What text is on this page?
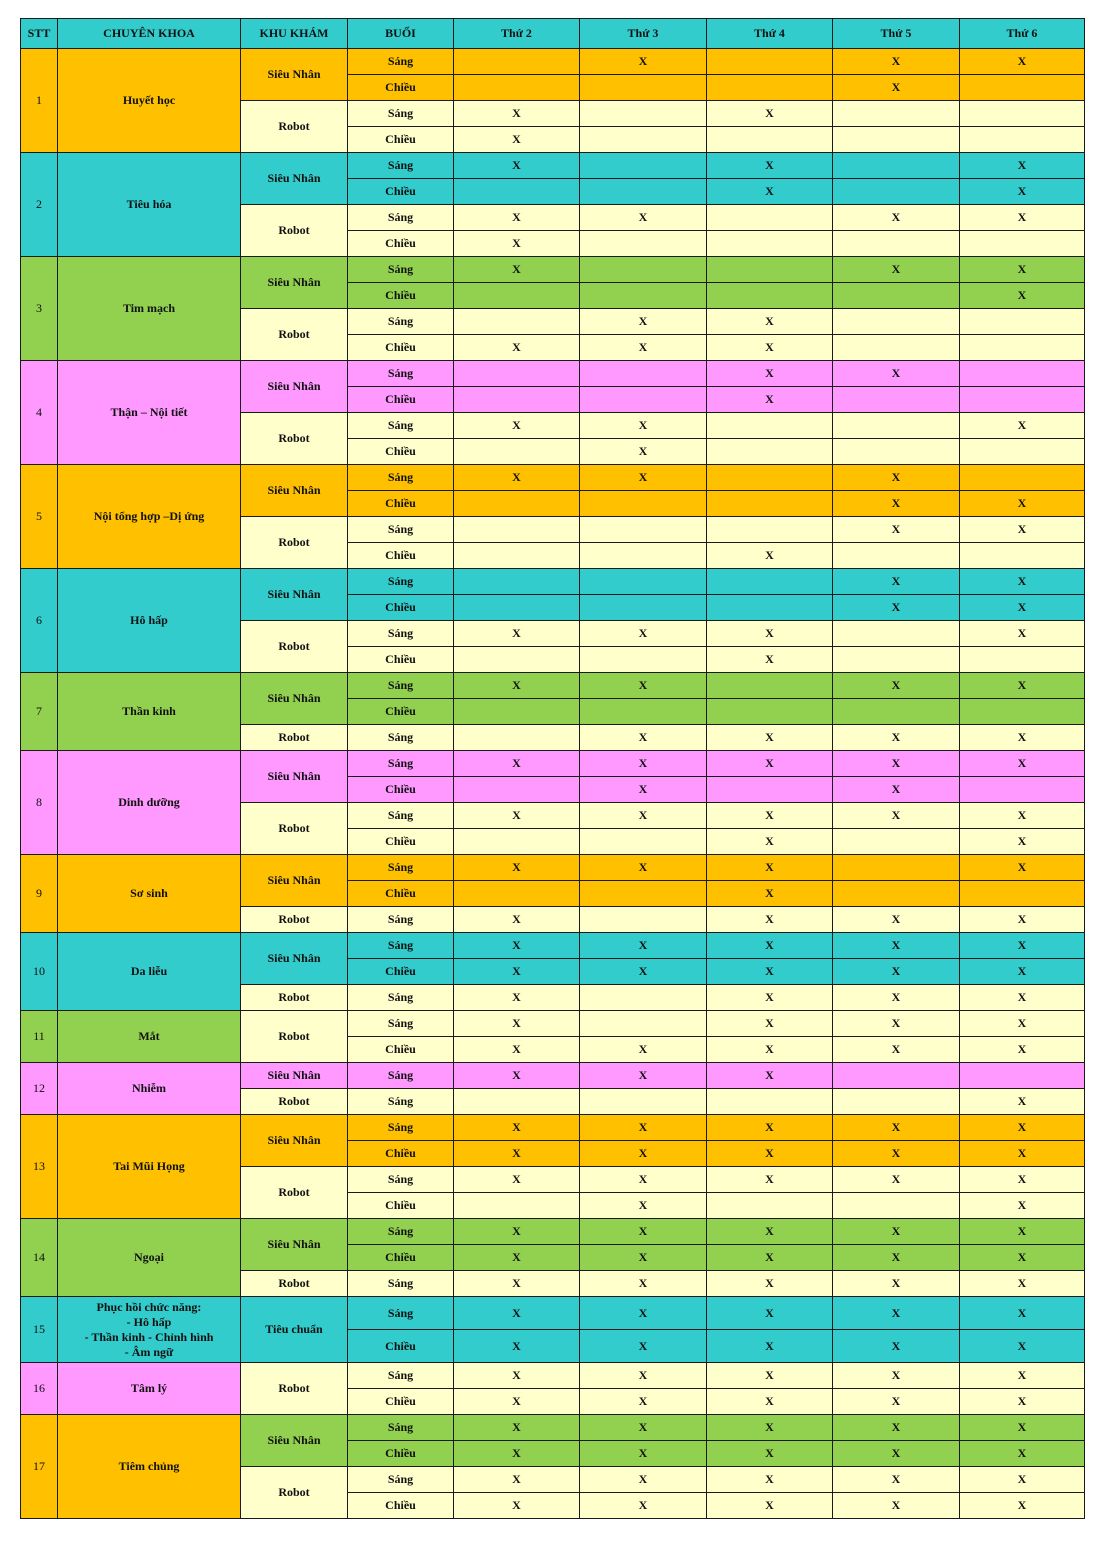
STT	CHUYÊN KHOA	KHU KHÁM	BUỔI	Thứ 2	Thứ 3	Thứ 4	Thứ 5	Thứ 6
1	Huyết học	Siêu Nhân	Sáng		X		X	X
			Chiều				X	
		Robot	Sáng	X		X		
			Chiều	X				
2	Tiêu hóa	Siêu Nhân	Sáng	X		X		X
			Chiều			X		X
		Robot	Sáng	X	X		X	X
			Chiều	X				
3	Tim mạch	Siêu Nhân	Sáng	X			X	X
			Chiều					X
		Robot	Sáng		X	X		
			Chiều	X	X	X		
4	Thận – Nội tiết	Siêu Nhân	Sáng			X	X	
			Chiều			X		
		Robot	Sáng	X	X			X
			Chiều		X			
5	Nội tổng hợp –Dị ứng	Siêu Nhân	Sáng	X	X		X	
			Chiều				X	X
		Robot	Sáng				X	X
			Chiều			X		
6	Hô hấp	Siêu Nhân	Sáng				X	X
			Chiều				X	X
		Robot	Sáng	X	X	X		X
			Chiều			X		
7	Thần kinh	Siêu Nhân	Sáng	X	X		X	X
			Chiều					
		Robot	Sáng		X	X	X	X
8	Dinh dưỡng	Siêu Nhân	Sáng	X	X	X	X	X
			Chiều		X		X	
		Robot	Sáng	X	X	X	X	X
			Chiều			X		X
9	Sơ sinh	Siêu Nhân	Sáng	X	X	X		X
			Chiều			X		
		Robot	Sáng	X		X	X	X
10	Da liễu	Siêu Nhân	Sáng	X	X	X	X	X
			Chiều	X	X	X	X	X
		Robot	Sáng	X		X	X	X
11	Mắt	Robot	Sáng	X		X	X	X
			Chiều	X	X	X	X	X
12	Nhiễm	Siêu Nhân	Sáng	X	X	X		
		Robot	Sáng					X
13	Tai Mũi Họng	Siêu Nhân	Sáng	X	X	X	X	X
			Chiều	X	X	X	X	X
		Robot	Sáng	X	X	X	X	X
			Chiều		X			X
14	Ngoại	Siêu Nhân	Sáng	X	X	X	X	X
			Chiều	X	X	X	X	X
		Robot	Sáng	X	X	X	X	X
15	Phục hồi chức năng:
- Hô hấp
- Thần kinh - Chỉnh hình
- Âm ngữ	Tiêu chuẩn	Sáng	X	X	X	X	X
			Chiều	X	X	X	X	X
16	Tâm lý	Robot	Sáng	X	X	X	X	X
			Chiều	X	X	X	X	X
17	Tiêm chủng	Siêu Nhân	Sáng	X	X	X	X	X
			Chiều	X	X	X	X	X
		Robot	Sáng	X	X	X	X	X
			Chiều	X	X	X	X	X
